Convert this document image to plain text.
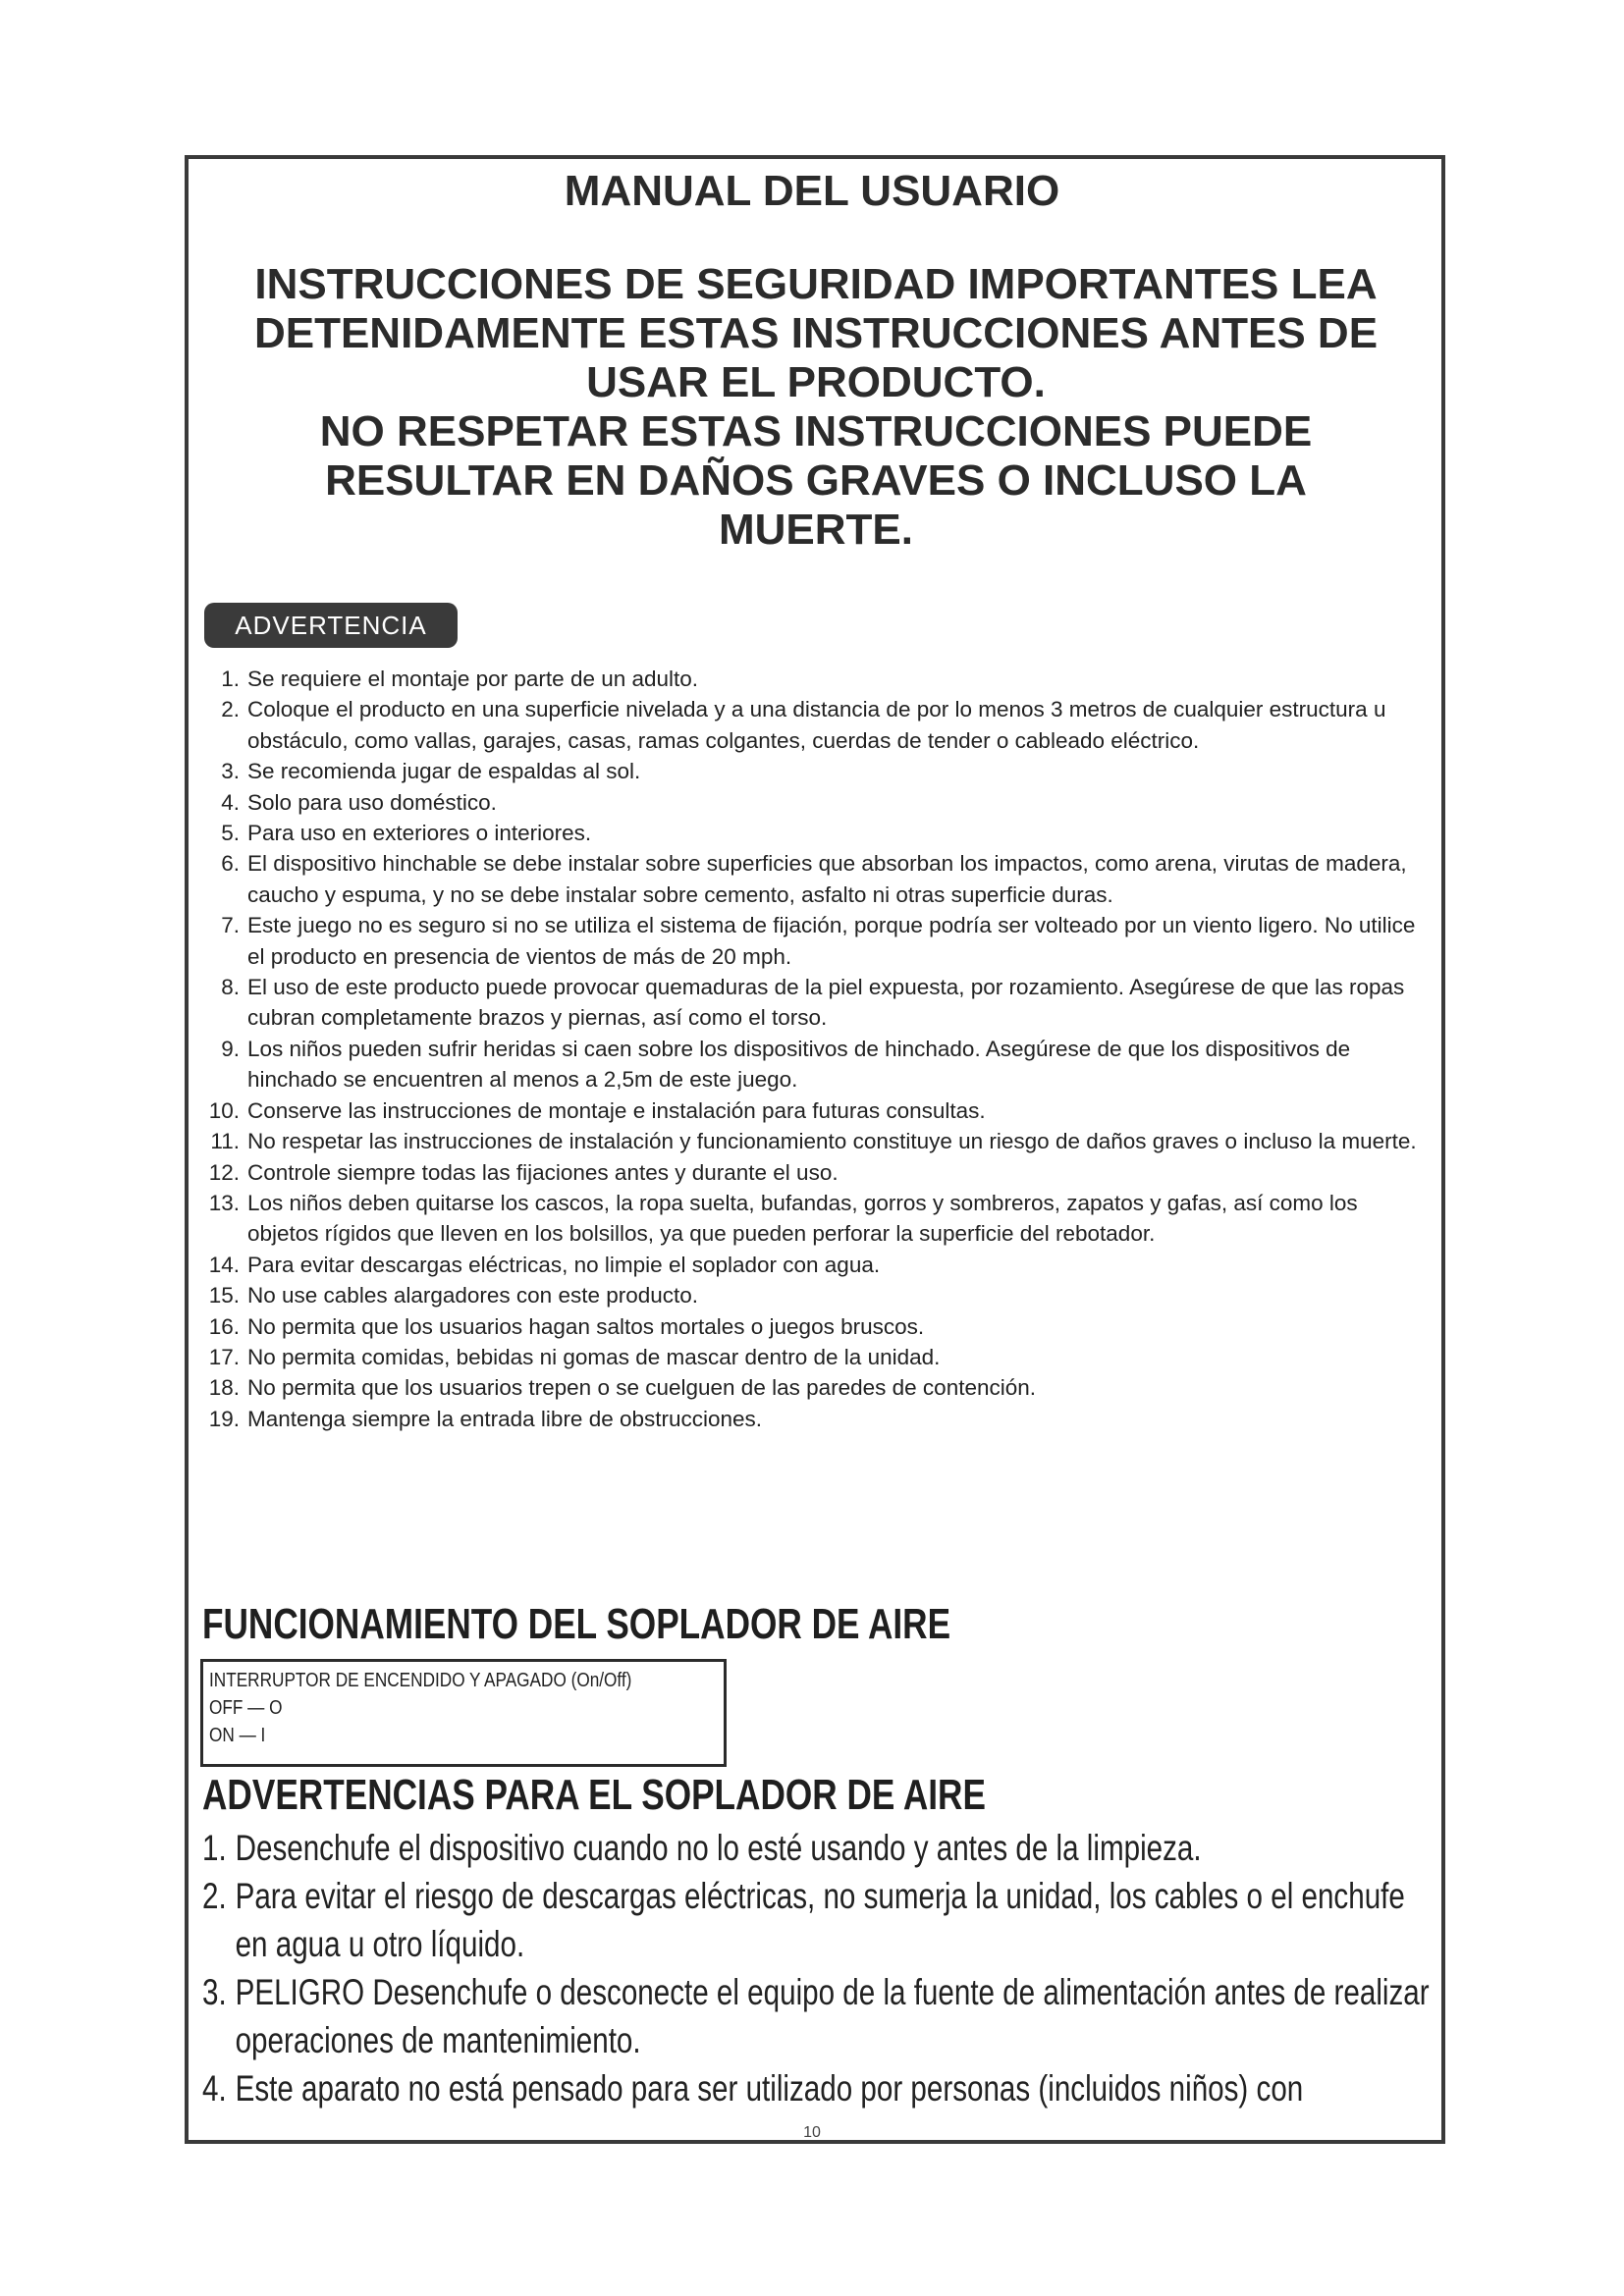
MANUAL DEL USUARIO
INSTRUCCIONES DE SEGURIDAD IMPORTANTES LEA
DETENIDAMENTE ESTAS INSTRUCCIONES ANTES DE
USAR EL PRODUCTO.
NO RESPETAR ESTAS INSTRUCCIONES PUEDE
RESULTAR EN DAÑOS GRAVES O INCLUSO LA
MUERTE.
ADVERTENCIA
1. Se requiere el montaje por parte de un adulto.
2. Coloque el producto en una superficie nivelada y a una distancia de por lo menos 3 metros de cualquier estructura u obstáculo, como vallas, garajes, casas, ramas colgantes, cuerdas de tender o cableado eléctrico.
3. Se recomienda jugar de espaldas al sol.
4. Solo para uso doméstico.
5. Para uso en exteriores o interiores.
6. El dispositivo hinchable se debe instalar sobre superficies que absorban los impactos, como arena, virutas de madera, caucho y espuma, y no se debe instalar sobre cemento, asfalto ni otras superficie duras.
7. Este juego no es seguro si no se utiliza el sistema de fijación, porque podría ser volteado por un viento ligero. No utilice el producto en presencia de vientos de más de 20 mph.
8. El uso de este producto puede provocar quemaduras de la piel expuesta, por rozamiento. Asegúrese de que las ropas cubran completamente brazos y piernas, así como el torso.
9. Los niños pueden sufrir heridas si caen sobre los dispositivos de hinchado. Asegúrese de que los dispositivos de hinchado se encuentren al menos a 2,5m de este juego.
10. Conserve las instrucciones de montaje e instalación para futuras consultas.
11. No respetar las instrucciones de instalación y funcionamiento constituye un riesgo de daños graves o incluso la muerte.
12. Controle siempre todas las fijaciones antes y durante el uso.
13. Los niños deben quitarse los cascos, la ropa suelta, bufandas, gorros y sombreros, zapatos y gafas, así como los objetos rígidos que lleven en los bolsillos, ya que pueden perforar la superficie del rebotador.
14. Para evitar descargas eléctricas, no limpie el soplador con agua.
15. No use cables alargadores con este producto.
16. No permita que los usuarios hagan saltos mortales o juegos bruscos.
17. No permita comidas, bebidas ni gomas de mascar dentro de la unidad.
18. No permita que los usuarios trepen o se cuelguen de las paredes de contención.
19. Mantenga siempre la entrada libre de obstrucciones.
FUNCIONAMIENTO DEL SOPLADOR DE AIRE
INTERRUPTOR DE ENCENDIDO Y APAGADO (On/Off)
OFF — O
ON — I
ADVERTENCIAS PARA EL SOPLADOR DE AIRE
1. Desenchufe el dispositivo cuando no lo esté usando y antes de la limpieza.
2. Para evitar el riesgo de descargas eléctricas, no sumerja la unidad, los cables o el enchufe en agua u otro líquido.
3. PELIGRO Desenchufe o desconecte el equipo de la fuente de alimentación antes de realizar operaciones de mantenimiento.
4. Este aparato no está pensado para ser utilizado por personas (incluidos niños) con
10
